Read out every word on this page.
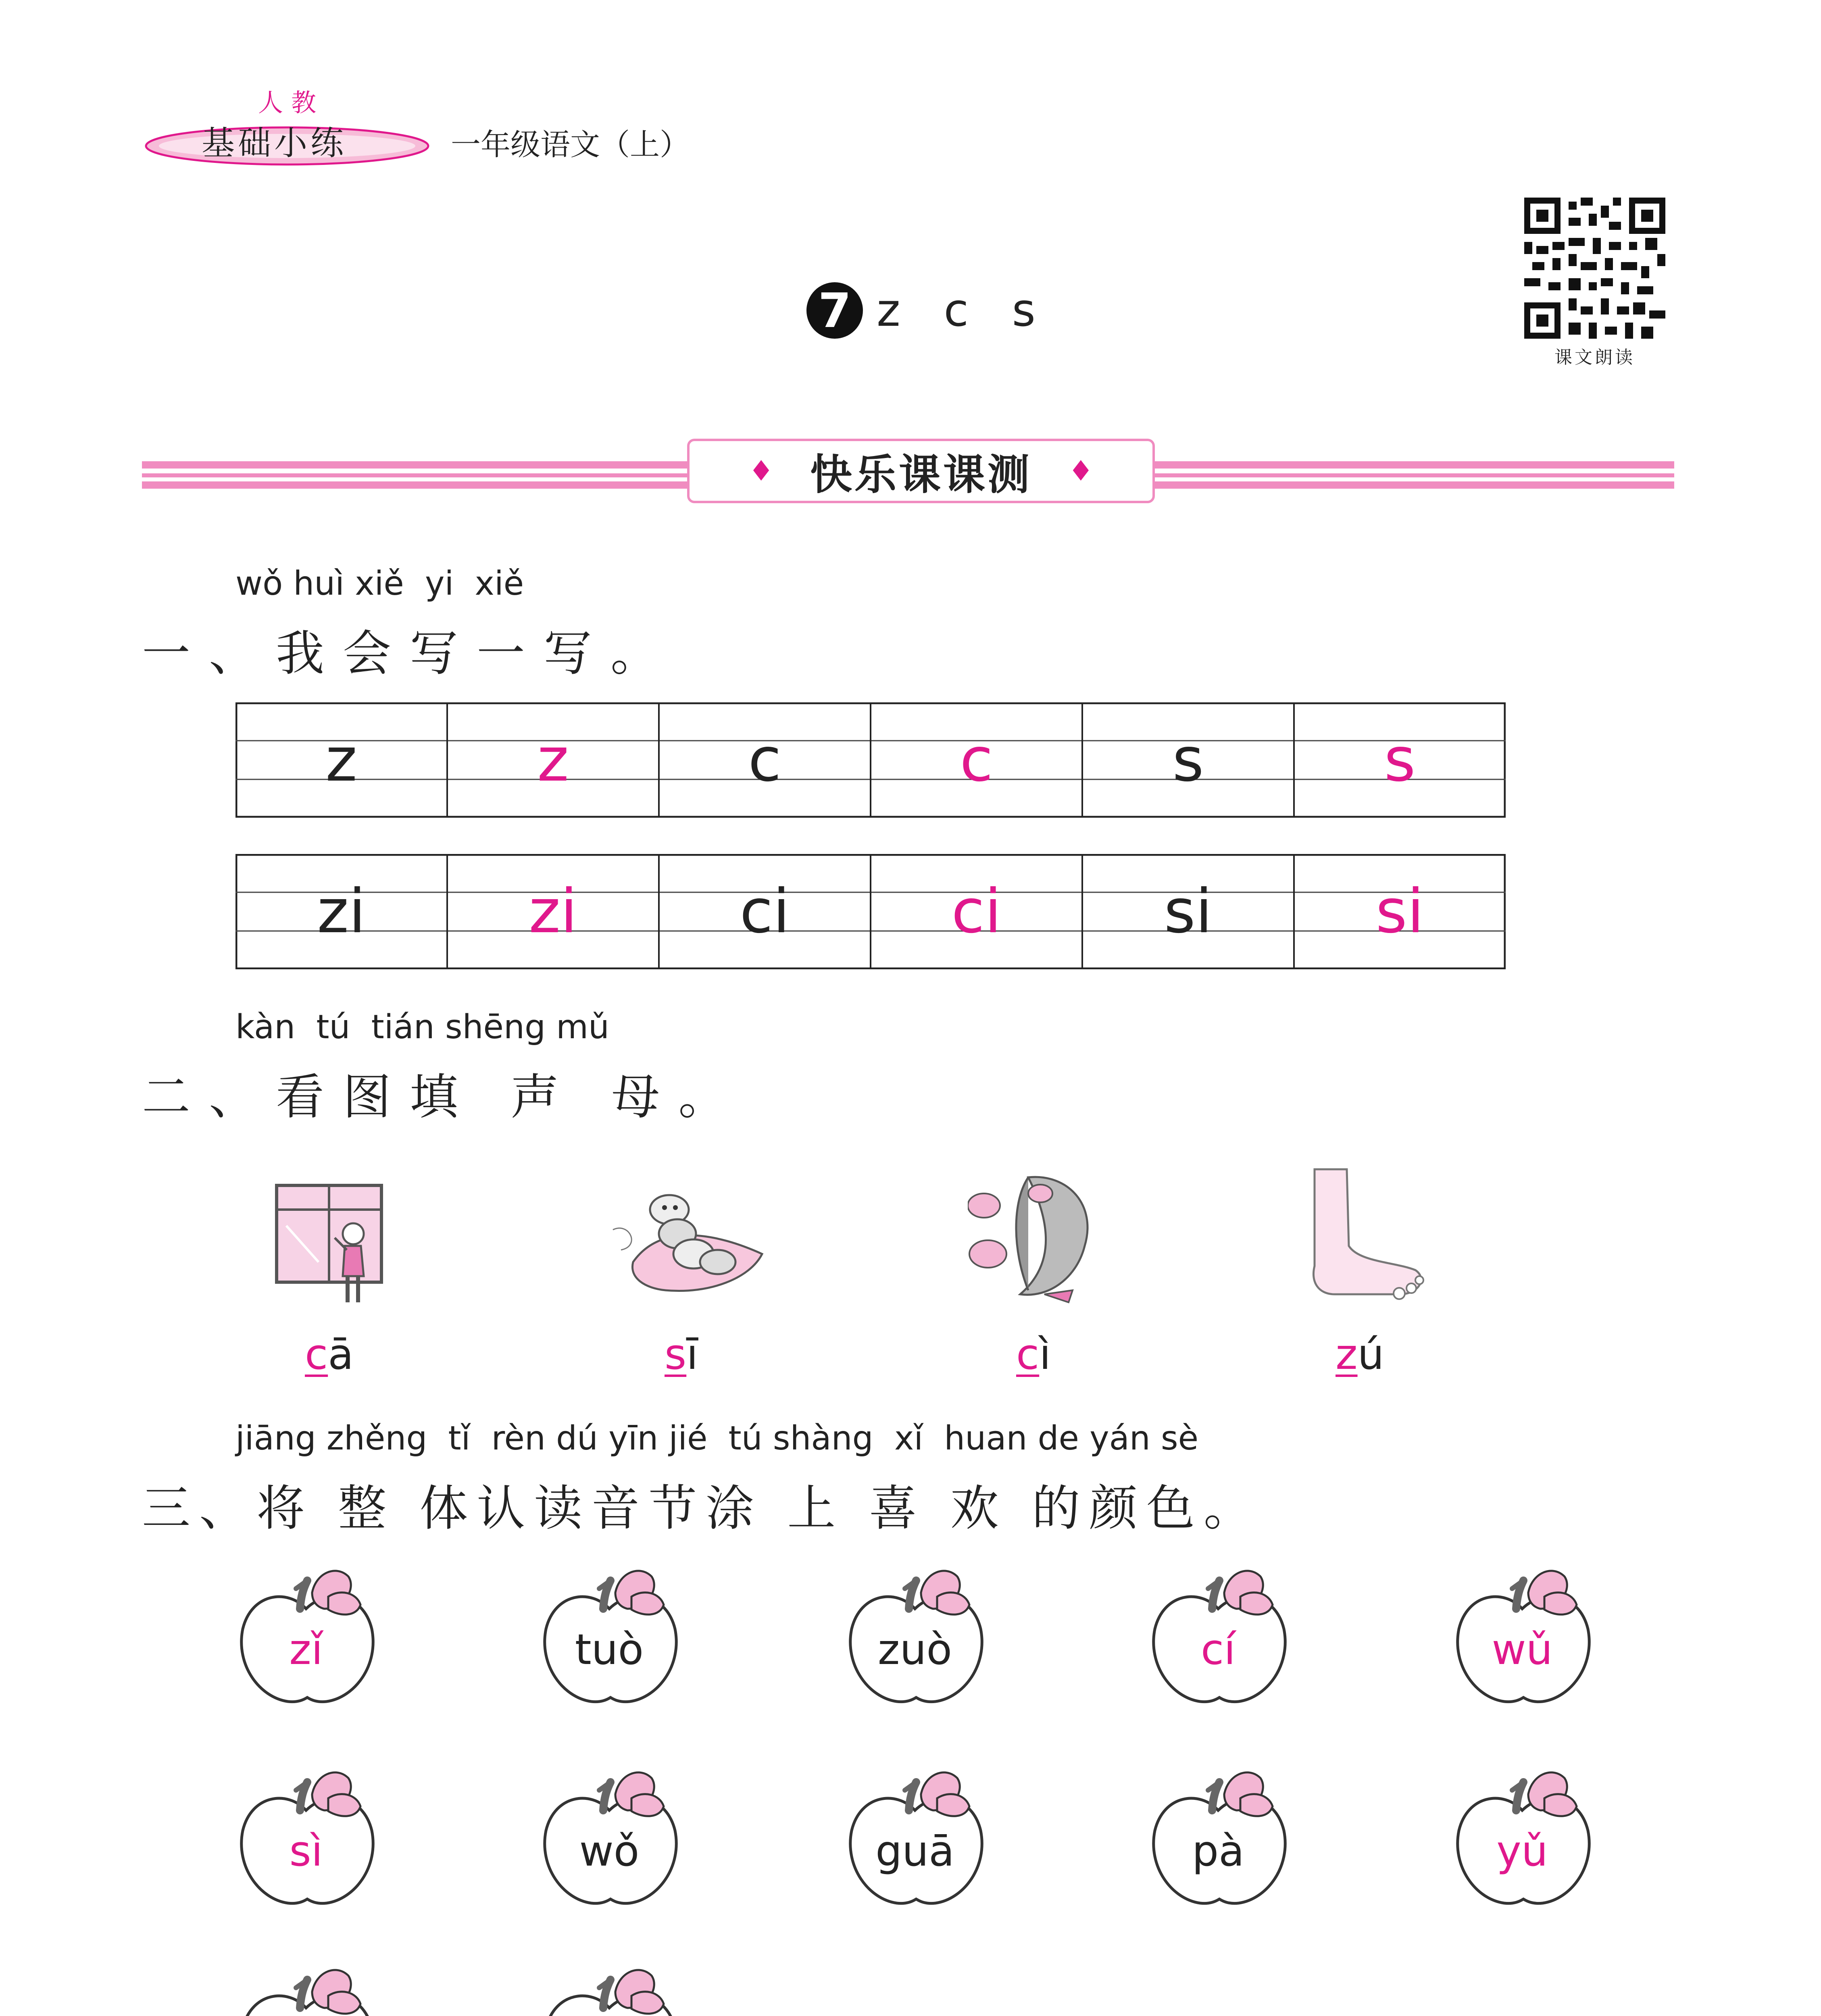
人教
基础小练	一年级语文（上）
7 z c s
课文朗读
♦ 快乐课课测 ♦
wǒ huì xiě  yi  xiě
一、我会写一写。
z	z	c	c	s	s
zi	zi	ci	ci	si	si
kàn  tú  tián shēng mǔ
二、看图填 声 母。
cā	sī	cì	zú
jiāng zhěng  tǐ  rèn dú yīn jié  tú shàng  xǐ  huan de yán sè
三、将 整 体认读音节涂 上 喜 欢 的颜色。
zǐ	tuò	zuò	cí	wǔ
sì	wǒ	guā	pà	yǔ
